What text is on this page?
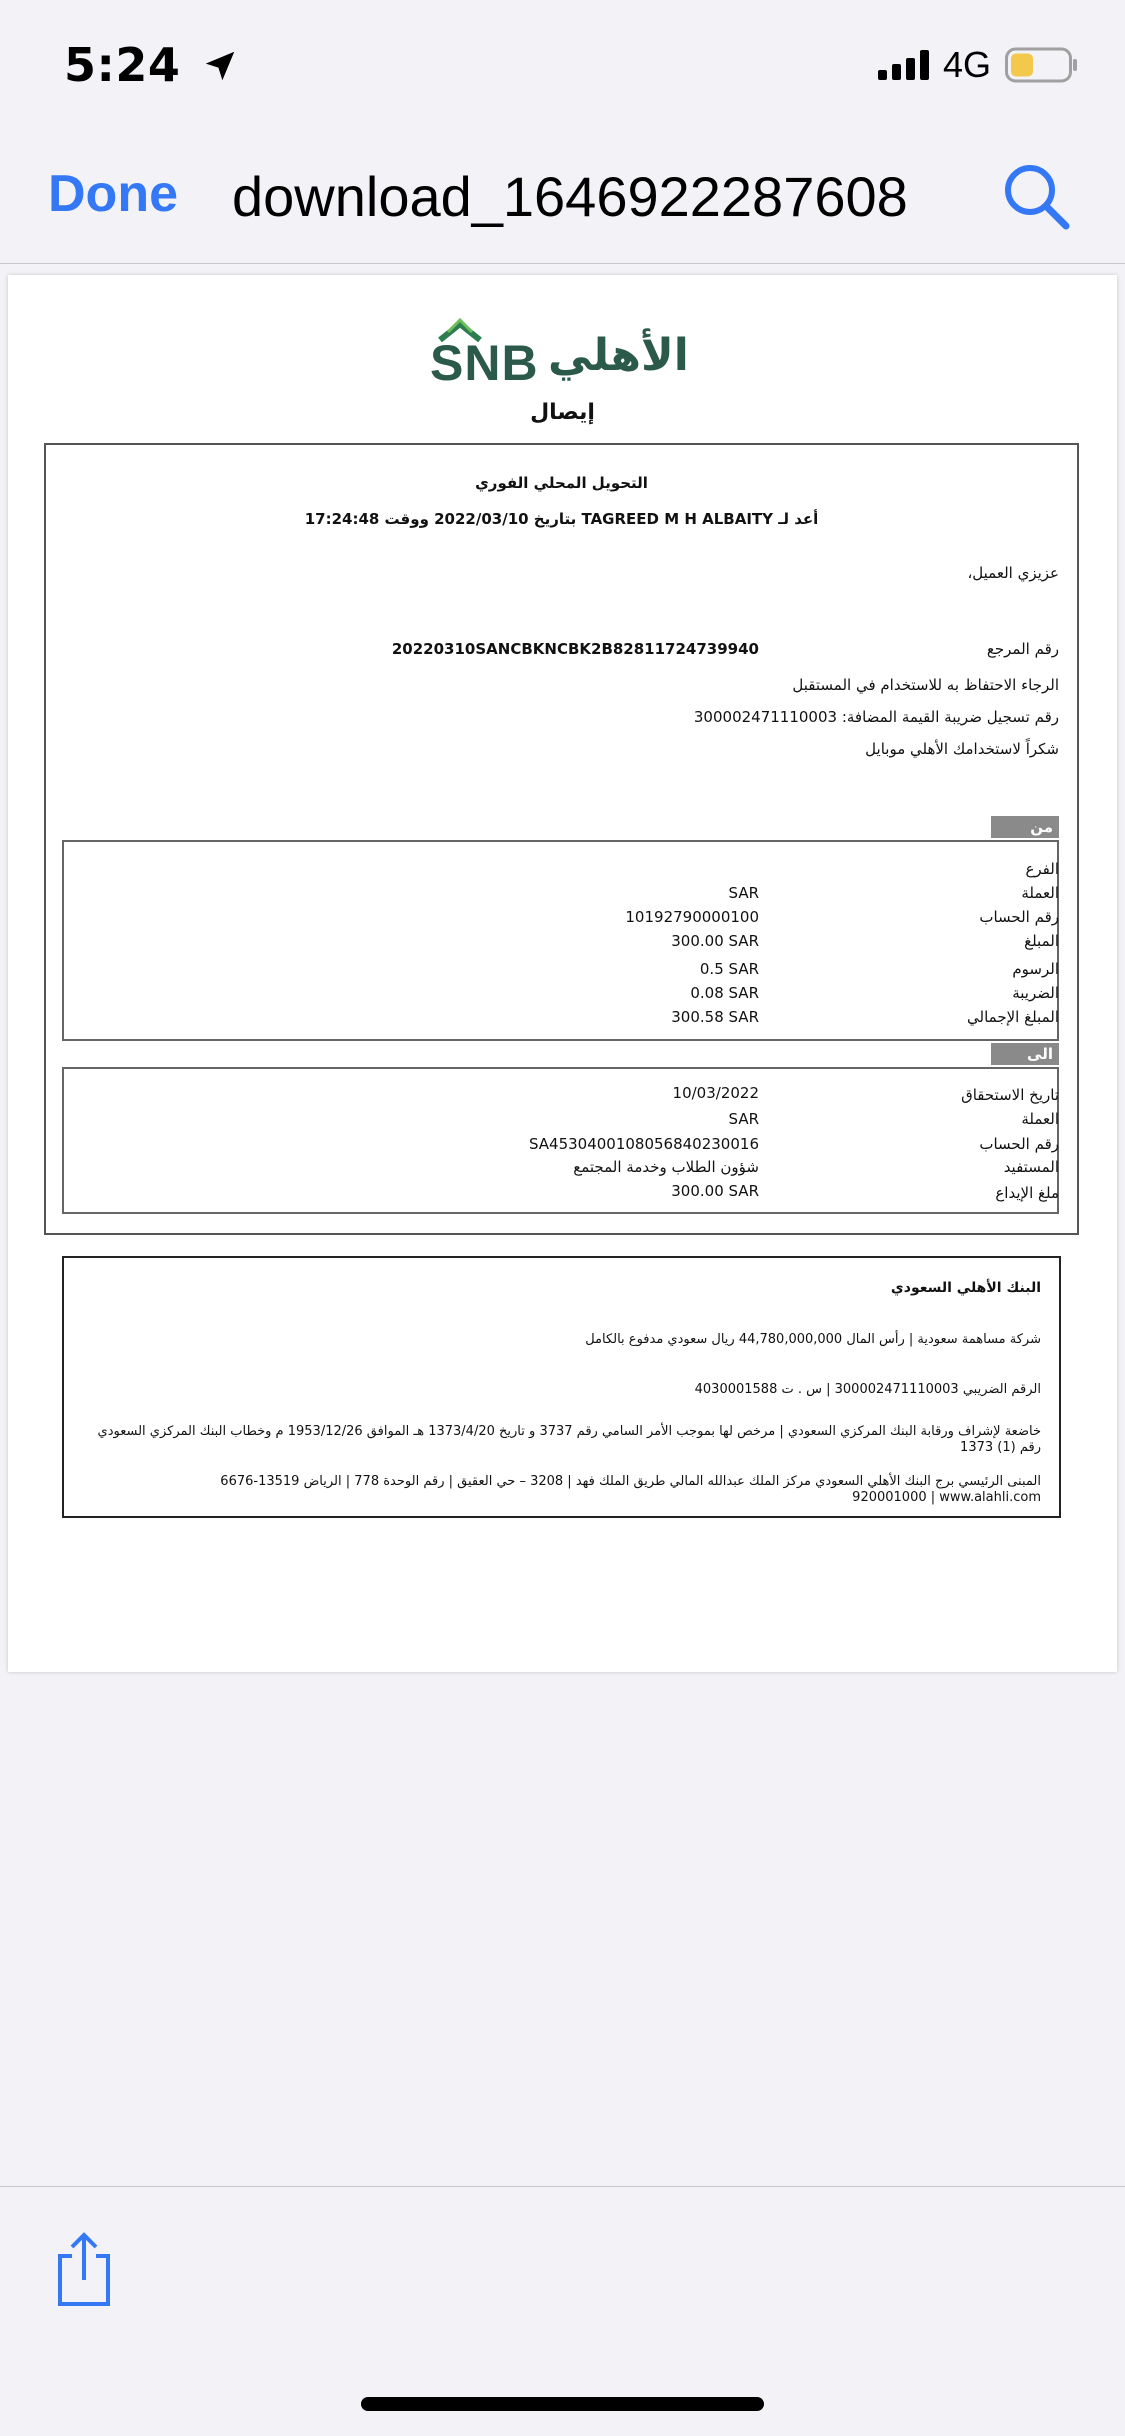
5:24	4G
Done download_1646922287608
SNB الأهلي
إيصال
التحويل المحلي الفوري
أعد لـ TAGREED M H ALBAITY بتاريخ 2022/03/10 ووقت 17:24:48
عزيزي العميل،
رقم المرجع
20220310SANCBKNCBK2B82811724739940
الرجاء الاحتفاظ به للاستخدام في المستقبل
رقم تسجيل ضريبة القيمة المضافة: 300002471110003
شكراً لاستخدامك الأهلي موبايل
من
الفرع
العملة
SAR
رقم الحساب
10192790000100
المبلغ
300.00 SAR
الرسوم
0.5 SAR
الضريبة
0.08 SAR
المبلغ الإجمالي
300.58 SAR
الى
تاريخ الاستحقاق
10/03/2022
العملة
SAR
رقم الحساب
SA4530400108056840230016
المستفيد
شؤون الطلاب وخدمة المجتمع
ملغ الإيداع
300.00 SAR
البنك الأهلي السعودي
شركة مساهمة سعودية | رأس المال 44,780,000,000 ريال سعودي مدفوع بالكامل
الرقم الضريبي 300002471110003 | س . ت 4030001588
خاضعة لإشراف ورقابة البنك المركزي السعودي | مرخص لها بموجب الأمر السامي رقم 3737 و تاريخ 1373/4/20 هـ الموافق 1953/12/26 م وخطاب البنك المركزي السعودي رقم (1) 1373
المبنى الرئيسي برج البنك الأهلي السعودي مركز الملك عبدالله المالي طريق الملك فهد | 3208 – حي العقيق | رقم الوحدة 778 | الرياض 13519-6676
920001000 | www.alahli.com
